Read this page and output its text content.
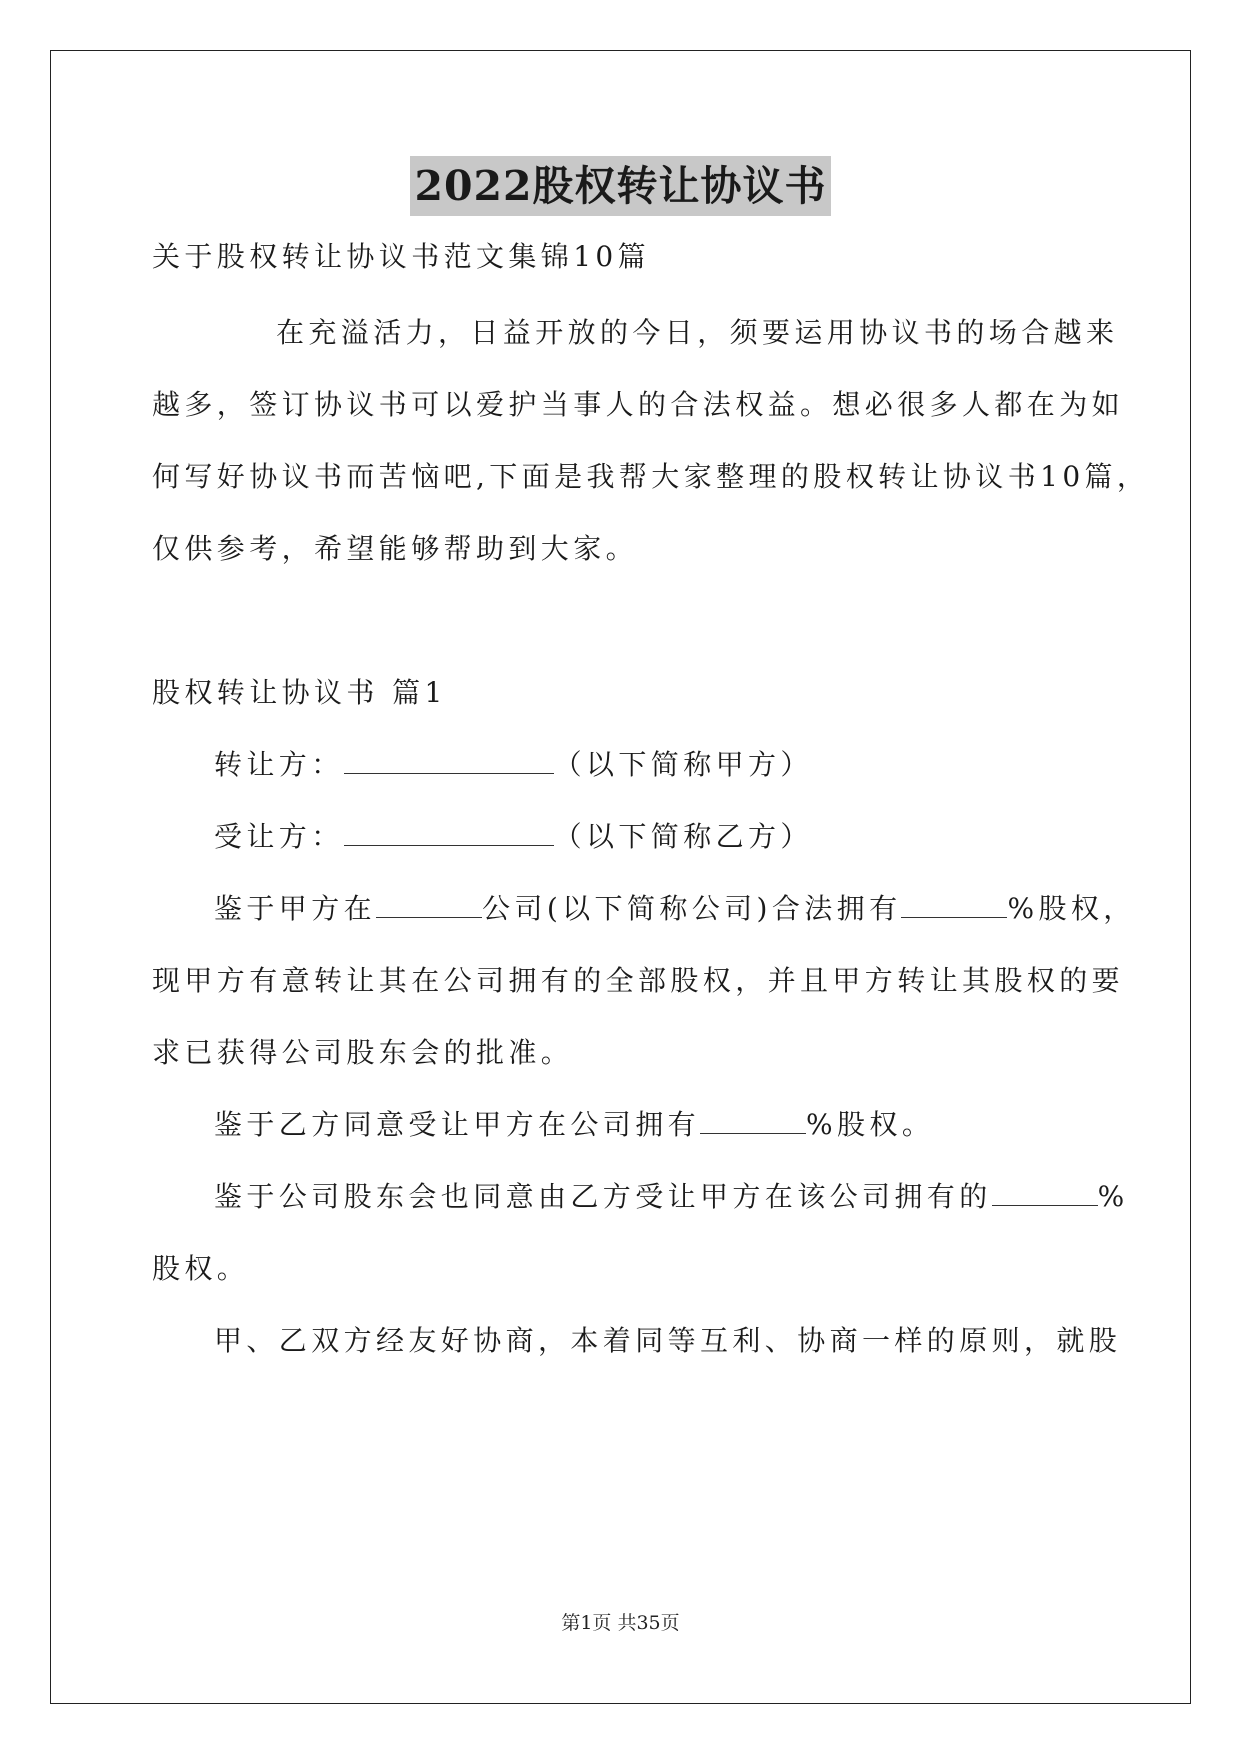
2022股权转让协议书
关于股权转让协议书范文集锦10篇
在充溢活力，日益开放的今日，须要运用协议书的场合越来
越多，签订协议书可以爱护当事人的合法权益。想必很多人都在为如
何写好协议书而苦恼吧,下面是我帮大家整理的股权转让协议书10篇，
仅供参考，希望能够帮助到大家。
股权转让协议书 篇1
转让方：	（以下简称甲方）
受让方：	（以下简称乙方）
鉴于甲方在	公司(以下简称公司)合法拥有	%股权，
现甲方有意转让其在公司拥有的全部股权，并且甲方转让其股权的要
求已获得公司股东会的批准。
鉴于乙方同意受让甲方在公司拥有	%股权。
鉴于公司股东会也同意由乙方受让甲方在该公司拥有的	%
股权。
甲、乙双方经友好协商，本着同等互利、协商一样的原则，就股
第1页 共35页
